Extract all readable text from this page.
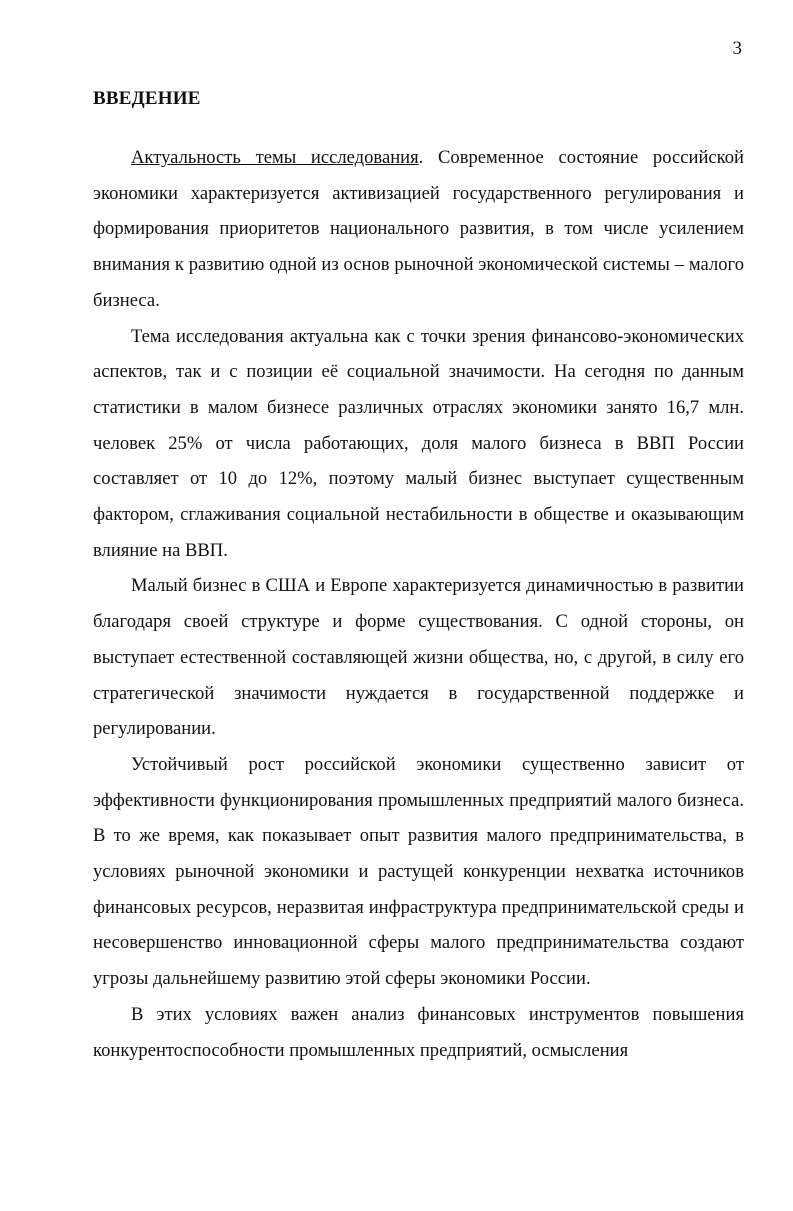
3
ВВЕДЕНИЕ

Актуальность темы исследования. Современное состояние российской экономики характеризуется активизацией государственного регулирования и формирования приоритетов национального развития, в том числе усилением внимания к развитию одной из основ рыночной экономической системы – малого бизнеса.

Тема исследования актуальна как с точки зрения финансово-экономических аспектов, так и с позиции её социальной значимости. На сегодня по данным статистики в малом бизнесе различных отраслях экономики занято 16,7 млн. человек 25% от числа работающих, доля малого бизнеса в ВВП России составляет от 10 до 12%, поэтому малый бизнес выступает существенным фактором, сглаживания социальной нестабильности в обществе и оказывающим влияние на ВВП.

Малый бизнес в США и Европе характеризуется динамичностью в развитии благодаря своей структуре и форме существования. С одной стороны, он выступает естественной составляющей жизни общества, но, с другой, в силу его стратегической значимости нуждается в государственной поддержке и регулировании.

Устойчивый рост российской экономики существенно зависит от эффективности функционирования промышленных предприятий малого бизнеса. В то же время, как показывает опыт развития малого предпринимательства, в условиях рыночной экономики и растущей конкуренции нехватка источников финансовых ресурсов, неразвитая инфраструктура предпринимательской среды и несовершенство инновационной сферы малого предпринимательства создают угрозы дальнейшему развитию этой сферы экономики России.

В этих условиях важен анализ финансовых инструментов повышения конкурентоспособности промышленных предприятий, осмысления
